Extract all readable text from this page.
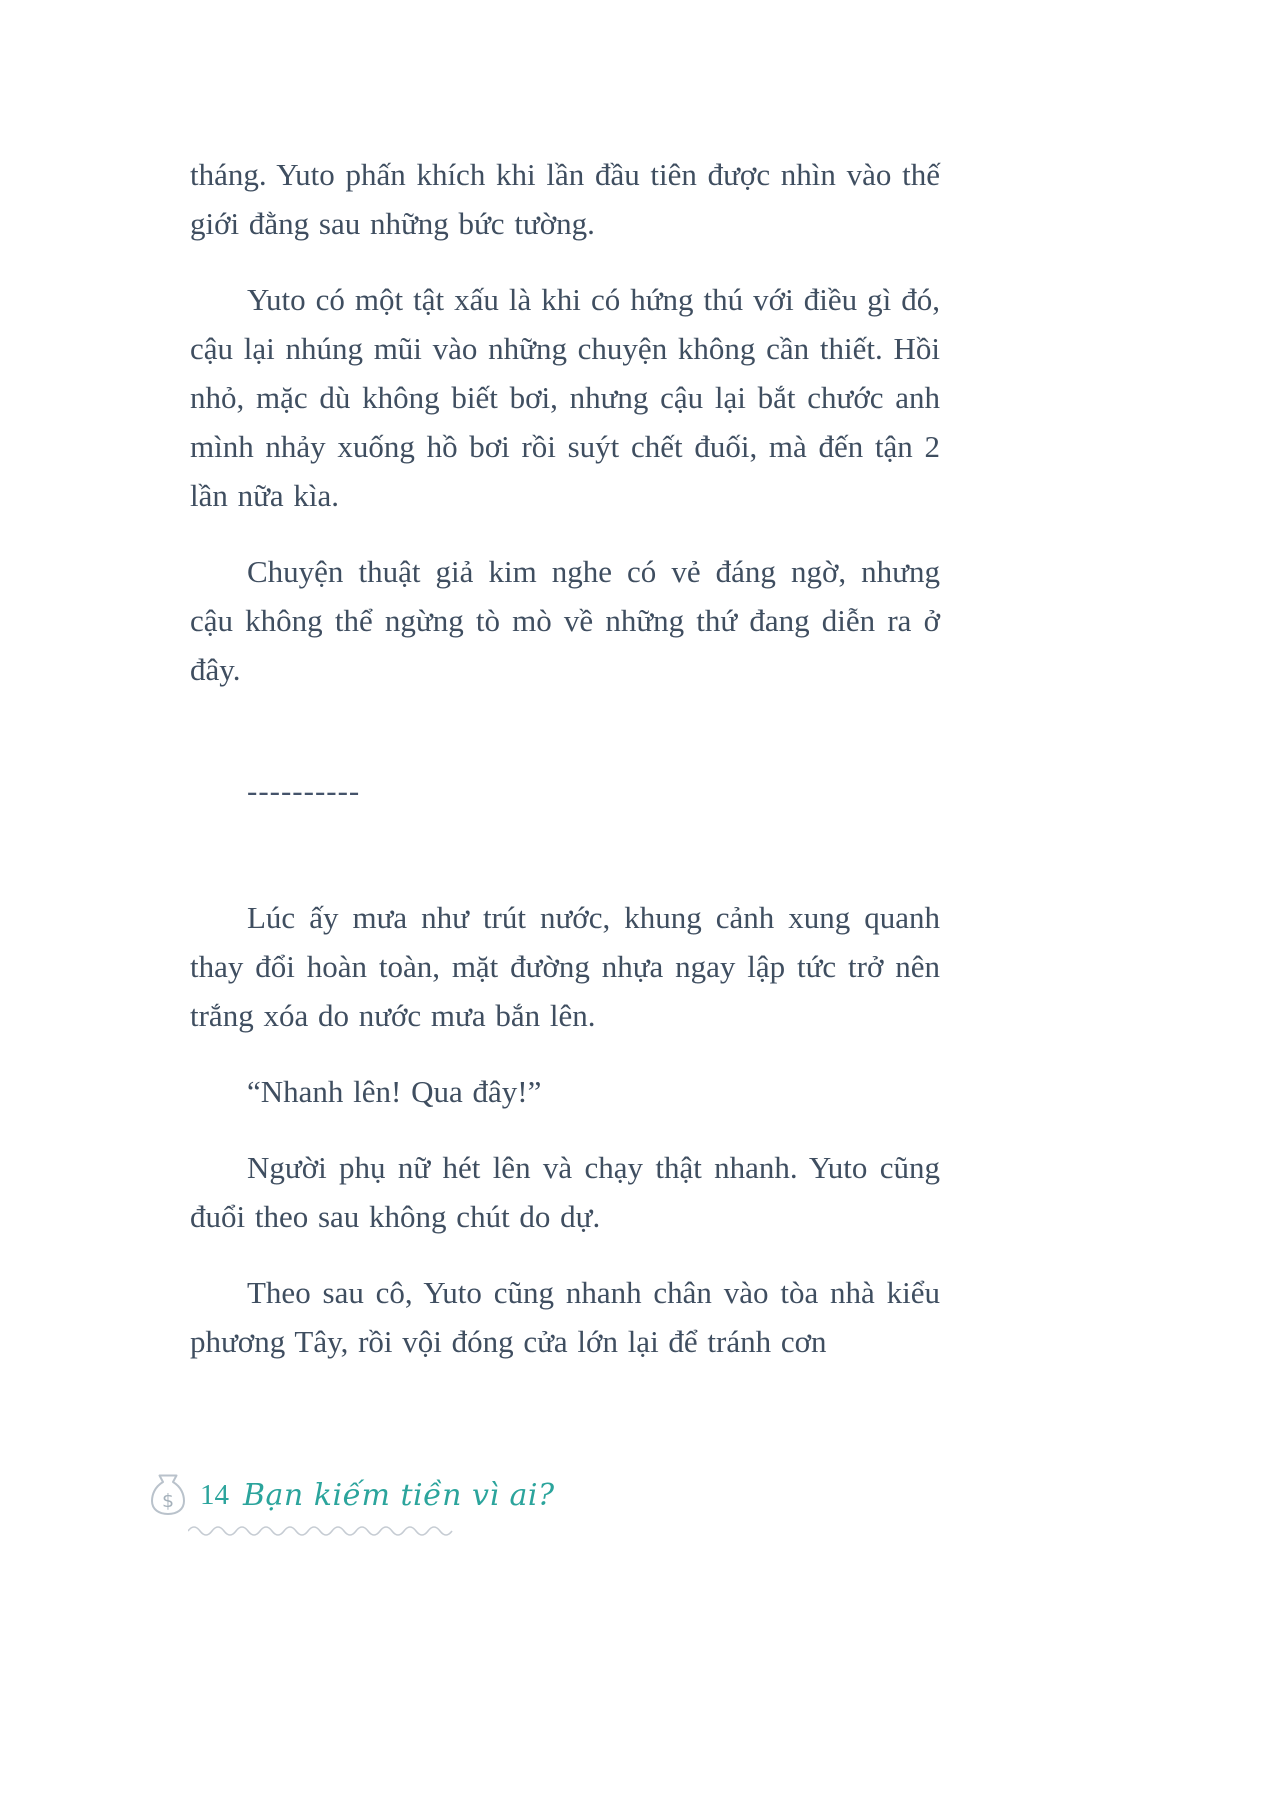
tháng. Yuto phấn khích khi lần đầu tiên được nhìn vào thế giới đằng sau những bức tường.

Yuto có một tật xấu là khi có hứng thú với điều gì đó, cậu lại nhúng mũi vào những chuyện không cần thiết. Hồi nhỏ, mặc dù không biết bơi, nhưng cậu lại bắt chước anh mình nhảy xuống hồ bơi rồi suýt chết đuối, mà đến tận 2 lần nữa kìa.

Chuyện thuật giả kim nghe có vẻ đáng ngờ, nhưng cậu không thể ngừng tò mò về những thứ đang diễn ra ở đây.

----------

Lúc ấy mưa như trút nước, khung cảnh xung quanh thay đổi hoàn toàn, mặt đường nhựa ngay lập tức trở nên trắng xóa do nước mưa bắn lên.

“Nhanh lên! Qua đây!”

Người phụ nữ hét lên và chạy thật nhanh. Yuto cũng đuổi theo sau không chút do dự.

Theo sau cô, Yuto cũng nhanh chân vào tòa nhà kiểu phương Tây, rồi vội đóng cửa lớn lại để tránh cơn

$ 14 Bạn kiếm tiền vì ai?
